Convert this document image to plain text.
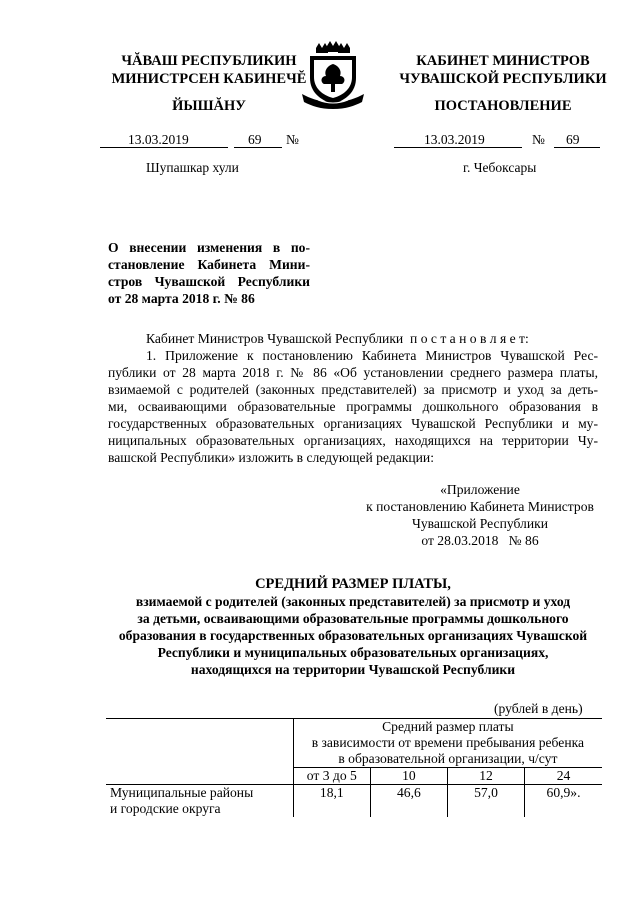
ЧĂВАШ РЕСПУБЛИКИН
МИНИСТРСЕН КАБИНЕЧĔ
ЙЫШĂНУ
КАБИНЕТ МИНИСТРОВ
ЧУВАШСКОЙ РЕСПУБЛИКИ
ПОСТАНОВЛЕНИЕ
13.03.2019	69 №	13.03.2019	№ 69
Шупашкар хули	г. Чебоксары
О внесении изменения в по-
становление Кабинета Мини-
стров Чувашской Республики
от 28 марта 2018 г. № 86
Кабинет Министров Чувашской Республики п о с т а н о в л я е т:
1. Приложение к постановлению Кабинета Министров Чувашской Рес-
публики от 28 марта 2018 г. № 86 «Об установлении среднего размера платы,
взимаемой с родителей (законных представителей) за присмотр и уход за деть-
ми, осваивающими образовательные программы дошкольного образования в
государственных образовательных организациях Чувашской Республики и му-
ниципальных образовательных организациях, находящихся на территории Чу-
вашской Республики» изложить в следующей редакции:
«Приложение
к постановлению Кабинета Министров
Чувашской Республики
от 28.03.2018   № 86
СРЕДНИЙ РАЗМЕР ПЛАТЫ,
взимаемой с родителей (законных представителей) за присмотр и уход
за детьми, осваивающими образовательные программы дошкольного
образования в государственных образовательных организациях Чувашской
Республики и муниципальных образовательных организациях,
находящихся на территории Чувашской Республики
(рублей в день)

	Средний размер платы
в зависимости от времени пребывания ребенка
в образовательной организации, ч/сут			

	от 3 до 5	10	12	24

Муниципальные районы
и городские округа	18,1	46,6	57,0	60,9».
